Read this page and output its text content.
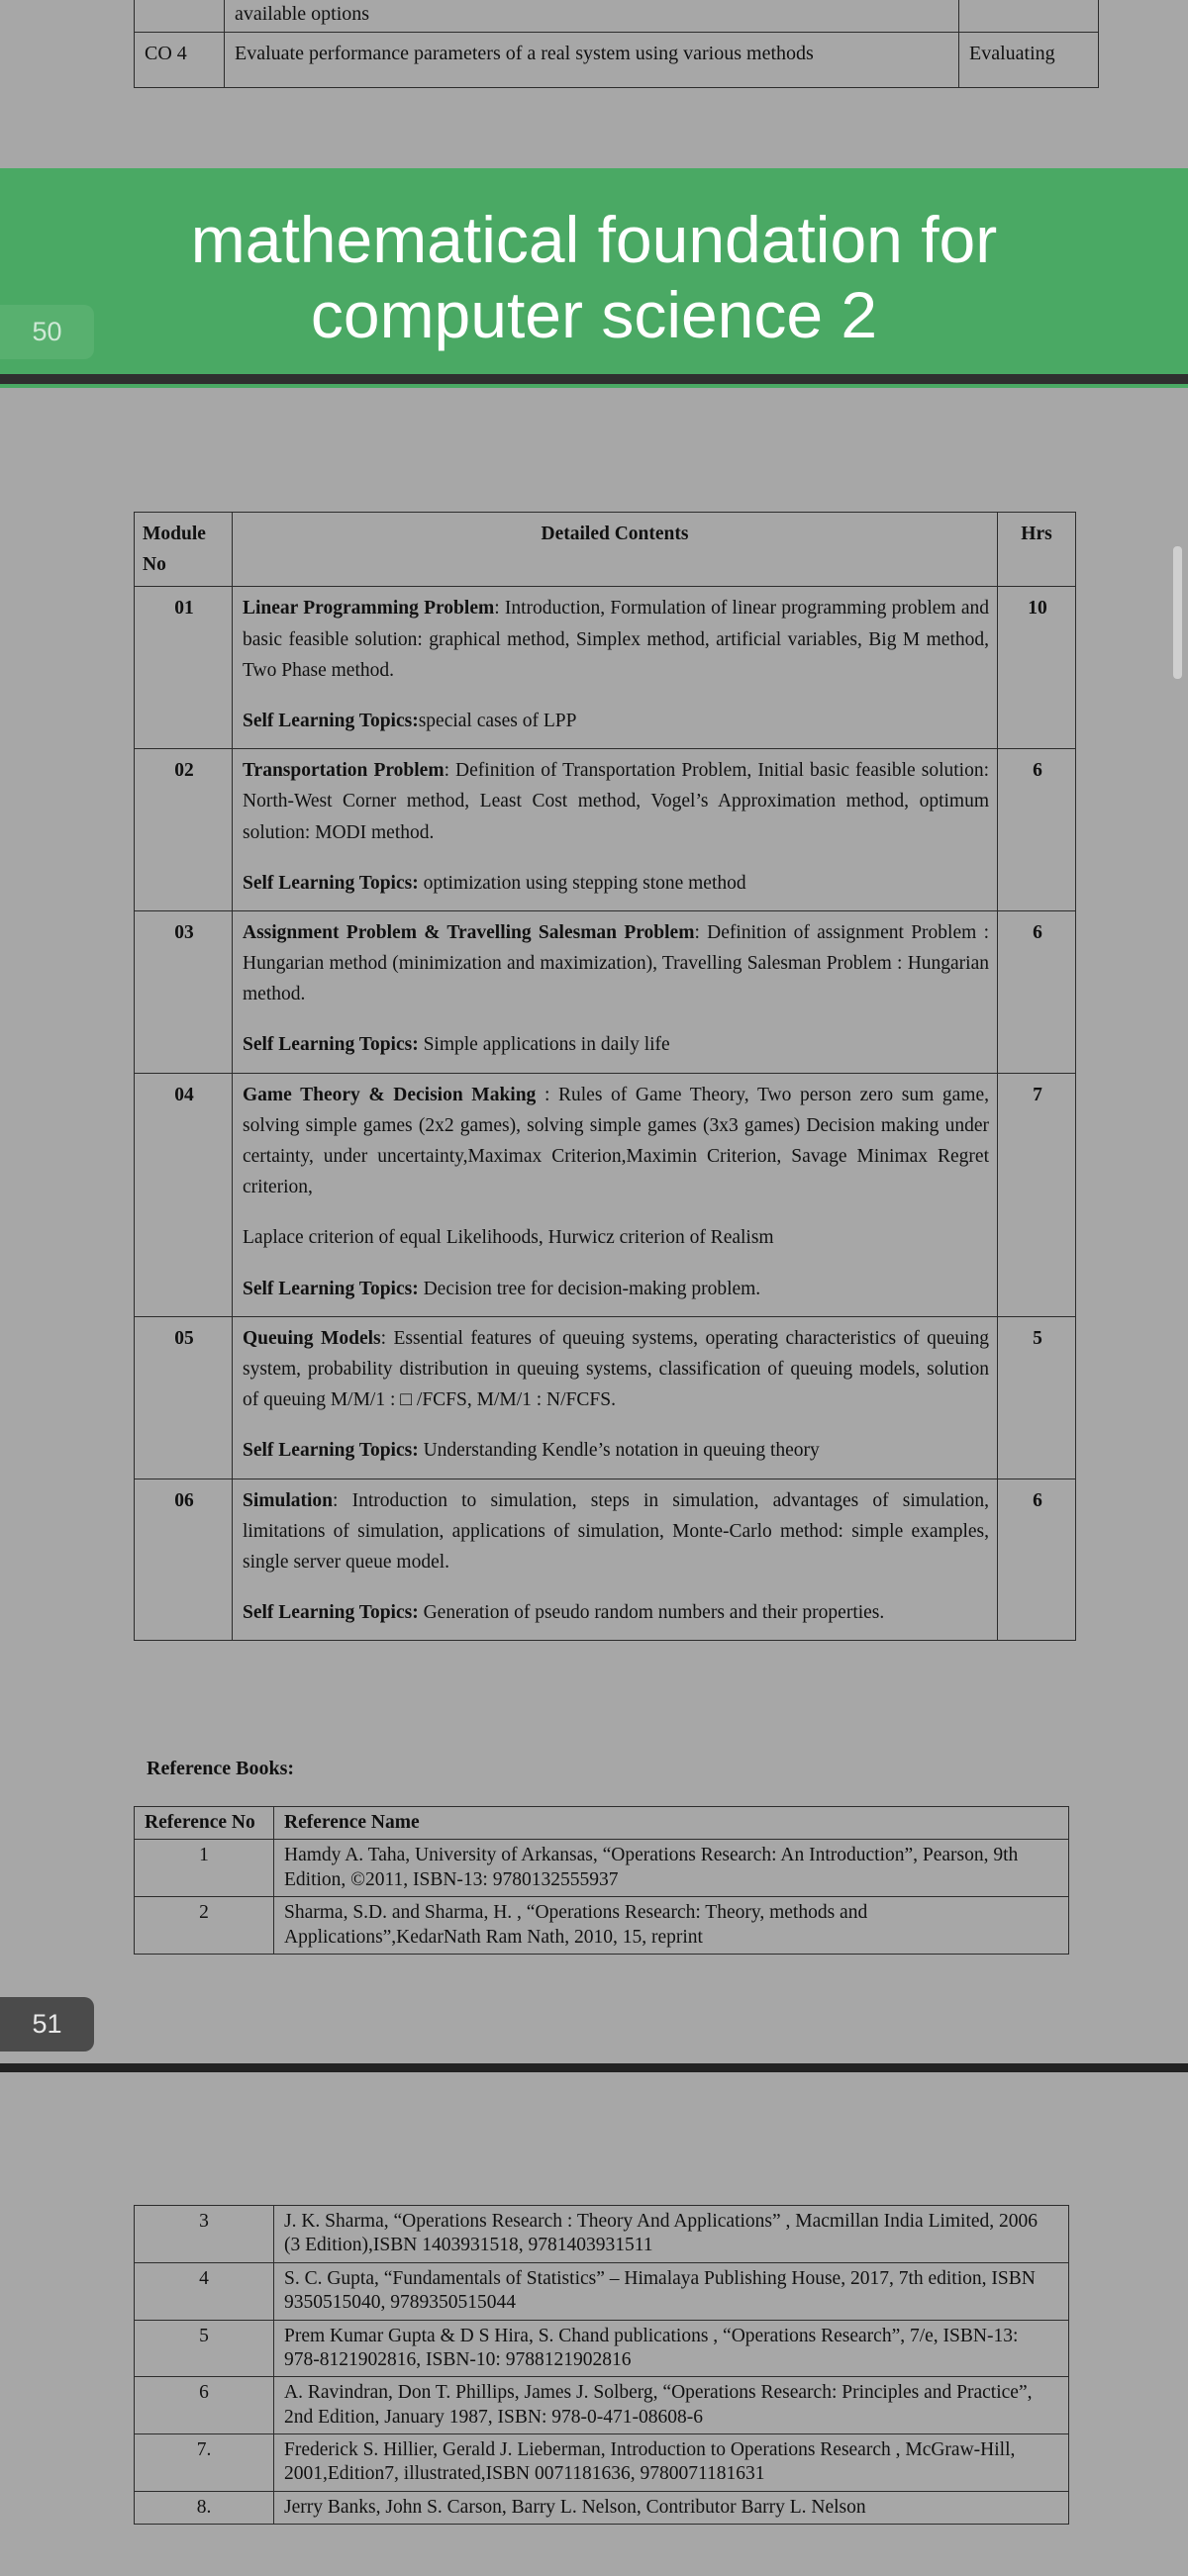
	available options	
CO 4	Evaluate performance parameters of a real system using various methods	Evaluating
mathematical foundation for
computer science 2
50
Module No	Detailed Contents	Hrs
01	Linear Programming Problem: Introduction, Formulation of linear programming problem and basic feasible solution: graphical method, Simplex method, artificial variables, Big M method, Two Phase method.

Self Learning Topics:special cases of LPP	10
02	Transportation Problem: Definition of Transportation Problem, Initial basic feasible solution: North-West Corner method, Least Cost method, Vogel’s Approximation method, optimum solution: MODI method.

Self Learning Topics: optimization using stepping stone method	6
03	Assignment Problem & Travelling Salesman Problem: Definition of assignment Problem : Hungarian method (minimization and maximization), Travelling Salesman Problem : Hungarian method.

Self Learning Topics: Simple applications in daily life	6
04	Game Theory & Decision Making : Rules of Game Theory, Two person zero sum game, solving simple games (2x2 games), solving simple games (3x3 games) Decision making under certainty, under uncertainty,Maximax Criterion,Maximin Criterion, Savage Minimax Regret criterion,

Laplace criterion of equal Likelihoods, Hurwicz criterion of Realism

Self Learning Topics: Decision tree for decision-making problem.	7
05	Queuing Models: Essential features of queuing systems, operating characteristics of queuing system, probability distribution in queuing systems, classification of queuing models, solution of queuing M/M/1 : □ /FCFS, M/M/1 : N/FCFS.

Self Learning Topics: Understanding Kendle’s notation in queuing theory	5
06	Simulation: Introduction to simulation, steps in simulation, advantages of simulation, limitations of simulation, applications of simulation, Monte-Carlo method: simple examples, single server queue model.

Self Learning Topics: Generation of pseudo random numbers and their properties.	6
Reference Books:
Reference No	Reference Name
1	Hamdy A. Taha, University of Arkansas, “Operations Research: An Introduction”, Pearson, 9th Edition, ©2011, ISBN-13: 9780132555937
2	Sharma, S.D. and Sharma, H. , “Operations Research: Theory, methods and Applications”,KedarNath Ram Nath, 2010, 15, reprint
51
3	J. K. Sharma, “Operations Research : Theory And Applications” , Macmillan India Limited, 2006 (3 Edition),ISBN 1403931518, 9781403931511
4	S. C. Gupta, “Fundamentals of Statistics” – Himalaya Publishing House, 2017, 7th edition, ISBN 9350515040, 9789350515044
5	Prem Kumar Gupta & D S Hira, S. Chand publications , “Operations Research”, 7/e, ISBN-13: 978-8121902816, ISBN-10: 9788121902816
6	A. Ravindran, Don T. Phillips, James J. Solberg, “Operations Research: Principles and Practice”, 2nd Edition, January 1987, ISBN: 978-0-471-08608-6
7.	Frederick S. Hillier, Gerald J. Lieberman, Introduction to Operations Research , McGraw-Hill, 2001,Edition7, illustrated,ISBN 0071181636, 9780071181631
8.	Jerry Banks, John S. Carson, Barry L. Nelson, Contributor Barry L. Nelson
